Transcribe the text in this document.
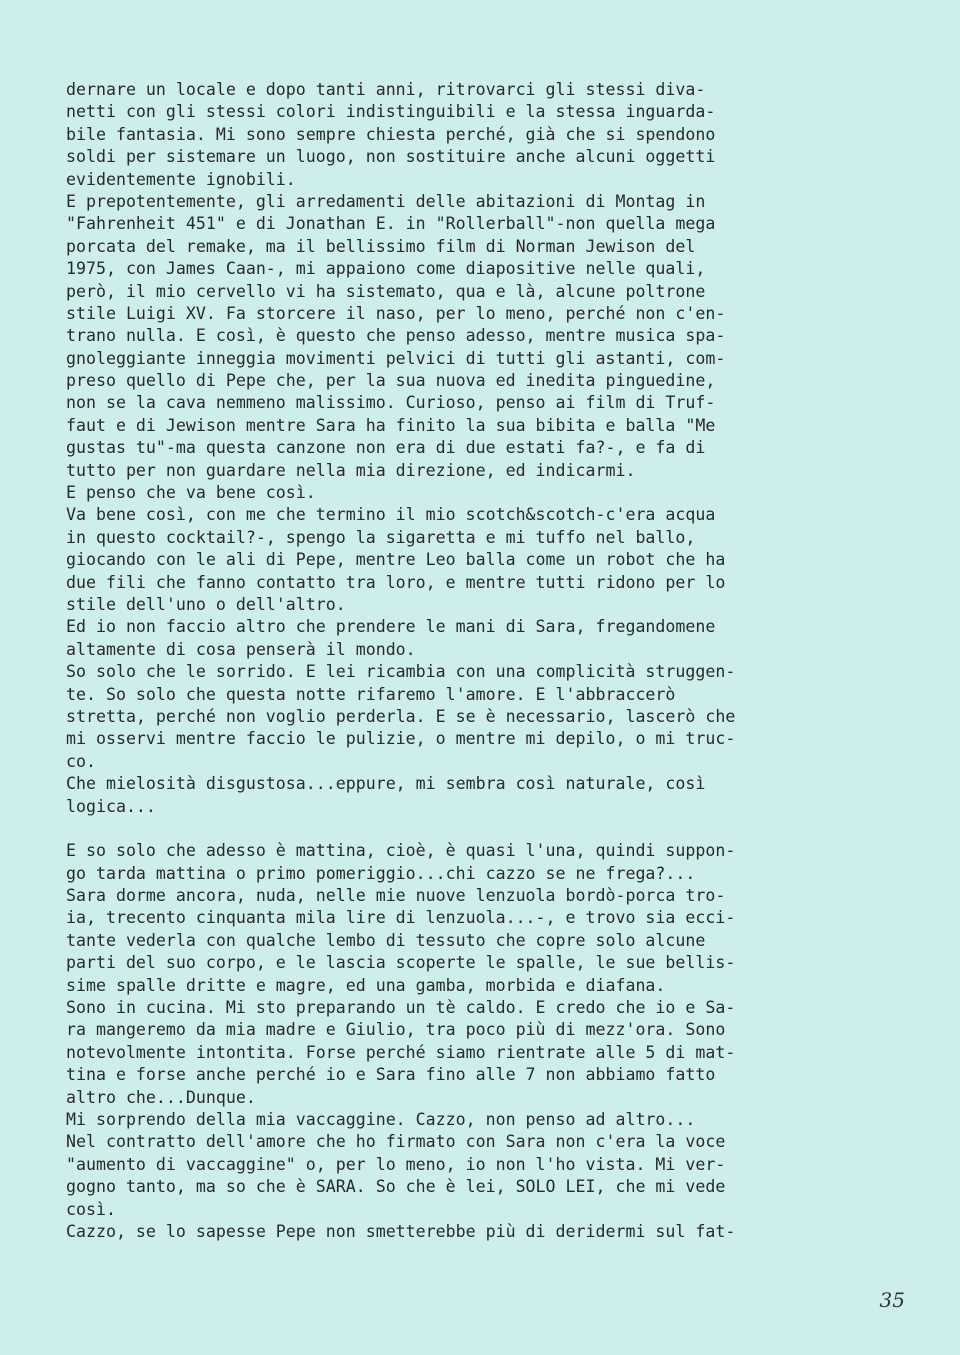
dernare un locale e dopo tanti anni, ritrovarci gli stessi diva-
netti con gli stessi colori indistinguibili e la stessa inguarda-
bile fantasia. Mi sono sempre chiesta perché, già che si spendono
soldi per sistemare un luogo, non sostituire anche alcuni oggetti
evidentemente ignobili.
E prepotentemente, gli arredamenti delle abitazioni di Montag in
"Fahrenheit 451" e di Jonathan E. in "Rollerball"-non quella mega
porcata del remake, ma il bellissimo film di Norman Jewison del
1975, con James Caan-, mi appaiono come diapositive nelle quali,
però, il mio cervello vi ha sistemato, qua e là, alcune poltrone
stile Luigi XV. Fa storcere il naso, per lo meno, perché non c'en-
trano nulla. E così, è questo che penso adesso, mentre musica spa-
gnoleggiante inneggia movimenti pelvici di tutti gli astanti, com-
preso quello di Pepe che, per la sua nuova ed inedita pinguedine,
non se la cava nemmeno malissimo. Curioso, penso ai film di Truf-
faut e di Jewison mentre Sara ha finito la sua bibita e balla "Me
gustas tu"-ma questa canzone non era di due estati fa?-, e fa di
tutto per non guardare nella mia direzione, ed indicarmi.
E penso che va bene così.
Va bene così, con me che termino il mio scotch&scotch-c'era acqua
in questo cocktail?-, spengo la sigaretta e mi tuffo nel ballo,
giocando con le ali di Pepe, mentre Leo balla come un robot che ha
due fili che fanno contatto tra loro, e mentre tutti ridono per lo
stile dell'uno o dell'altro.
Ed io non faccio altro che prendere le mani di Sara, fregandomene
altamente di cosa penserà il mondo.
So solo che le sorrido. E lei ricambia con una complicità struggen-
te. So solo che questa notte rifaremo l'amore. E l'abbraccerò
stretta, perché non voglio perderla. E se è necessario, lascerò che
mi osservi mentre faccio le pulizie, o mentre mi depilo, o mi truc-
co.
Che mielosità disgustosa...eppure, mi sembra così naturale, così
logica...
E so solo che adesso è mattina, cioè, è quasi l'una, quindi suppon-
go tarda mattina o primo pomeriggio...chi cazzo se ne frega?...
Sara dorme ancora, nuda, nelle mie nuove lenzuola bordò-porca tro-
ia, trecento cinquanta mila lire di lenzuola...-, e trovo sia ecci-
tante vederla con qualche lembo di tessuto che copre solo alcune
parti del suo corpo, e le lascia scoperte le spalle, le sue bellis-
sime spalle dritte e magre, ed una gamba, morbida e diafana.
Sono in cucina. Mi sto preparando un tè caldo. E credo che io e Sa-
ra mangeremo da mia madre e Giulio, tra poco più di mezz'ora. Sono
notevolmente intontita. Forse perché siamo rientrate alle 5 di mat-
tina e forse anche perché io e Sara fino alle 7 non abbiamo fatto
altro che...Dunque.
Mi sorprendo della mia vaccaggine. Cazzo, non penso ad altro...
Nel contratto dell'amore che ho firmato con Sara non c'era la voce
"aumento di vaccaggine" o, per lo meno, io non l'ho vista. Mi ver-
gogno tanto, ma so che è SARA. So che è lei, SOLO LEI, che mi vede
così.
Cazzo, se lo sapesse Pepe non smetterebbe più di deridermi sul fat-
35
